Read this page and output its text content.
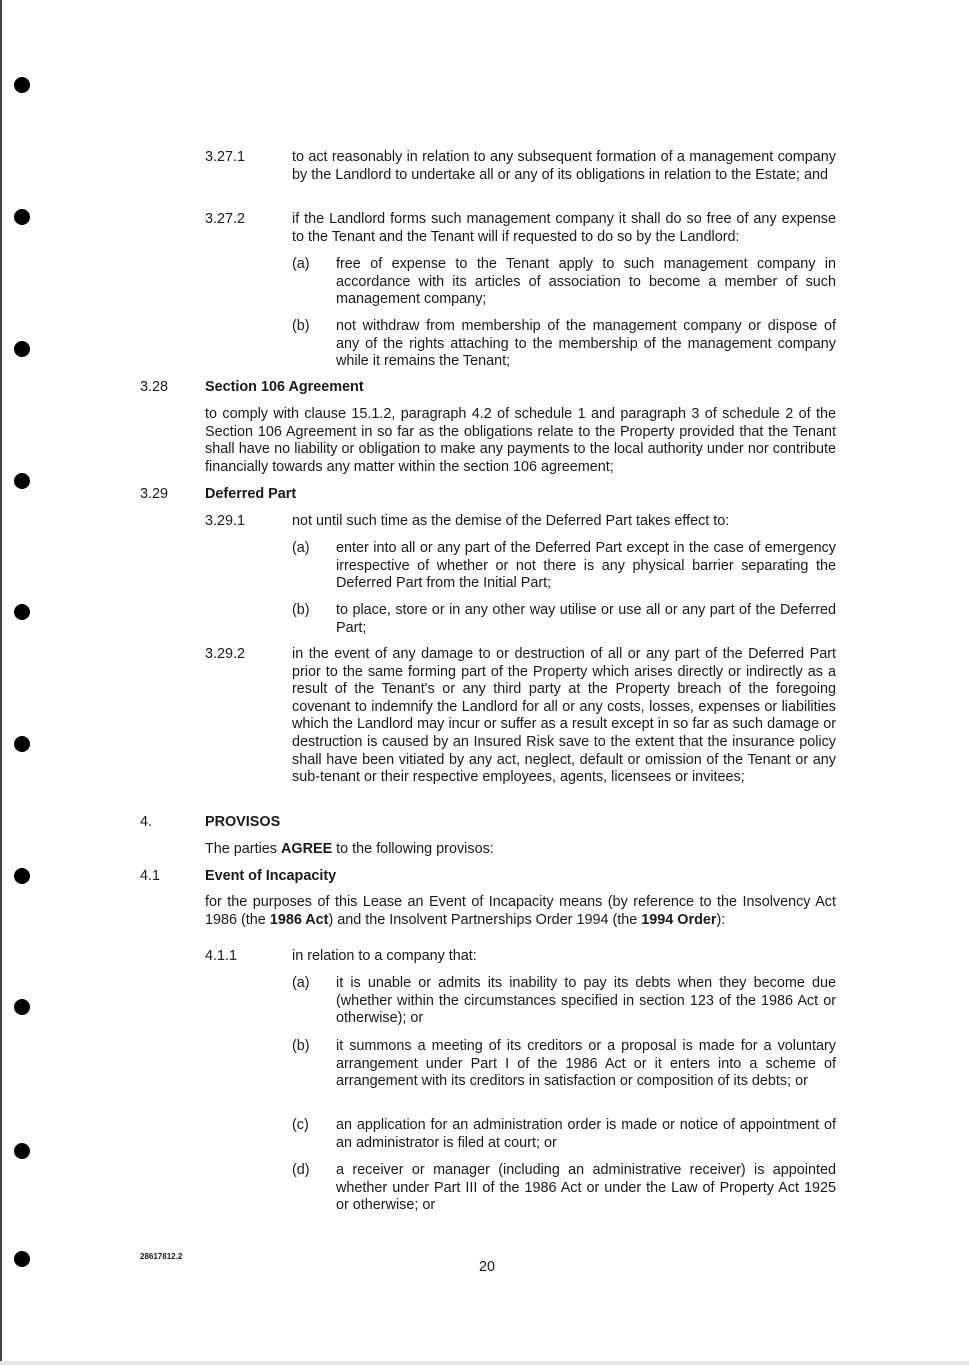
3.27.1	to act reasonably in relation to any subsequent formation of a management company by the Landlord to undertake all or any of its obligations in relation to the Estate; and
3.27.2	if the Landlord forms such management company it shall do so free of any expense to the Tenant and the Tenant will if requested to do so by the Landlord:
(a) free of expense to the Tenant apply to such management company in accordance with its articles of association to become a member of such management company;
(b) not withdraw from membership of the management company or dispose of any of the rights attaching to the membership of the management company while it remains the Tenant;
3.28	Section 106 Agreement
to comply with clause 15.1.2, paragraph 4.2 of schedule 1 and paragraph 3 of schedule 2 of the Section 106 Agreement in so far as the obligations relate to the Property provided that the Tenant shall have no liability or obligation to make any payments to the local authority under nor contribute financially towards any matter within the section 106 agreement;
3.29	Deferred Part
3.29.1	not until such time as the demise of the Deferred Part takes effect to:
(a) enter into all or any part of the Deferred Part except in the case of emergency irrespective of whether or not there is any physical barrier separating the Deferred Part from the Initial Part;
(b) to place, store or in any other way utilise or use all or any part of the Deferred Part;
3.29.2	in the event of any damage to or destruction of all or any part of the Deferred Part prior to the same forming part of the Property which arises directly or indirectly as a result of the Tenant's or any third party at the Property breach of the foregoing covenant to indemnify the Landlord for all or any costs, losses, expenses or liabilities which the Landlord may incur or suffer as a result except in so far as such damage or destruction is caused by an Insured Risk save to the extent that the insurance policy shall have been vitiated by any act, neglect, default or omission of the Tenant or any sub-tenant or their respective employees, agents, licensees or invitees;
4.	PROVISOS
The parties AGREE to the following provisos:
4.1	Event of Incapacity
for the purposes of this Lease an Event of Incapacity means (by reference to the Insolvency Act 1986 (the 1986 Act) and the Insolvent Partnerships Order 1994 (the 1994 Order):
4.1.1	in relation to a company that:
(a) it is unable or admits its inability to pay its debts when they become due (whether within the circumstances specified in section 123 of the 1986 Act or otherwise); or
(b) it summons a meeting of its creditors or a proposal is made for a voluntary arrangement under Part I of the 1986 Act or it enters into a scheme of arrangement with its creditors in satisfaction or composition of its debts; or
(c) an application for an administration order is made or notice of appointment of an administrator is filed at court; or
(d) a receiver or manager (including an administrative receiver) is appointed whether under Part III of the 1986 Act or under the Law of Property Act 1925 or otherwise; or
28617812.2
20
